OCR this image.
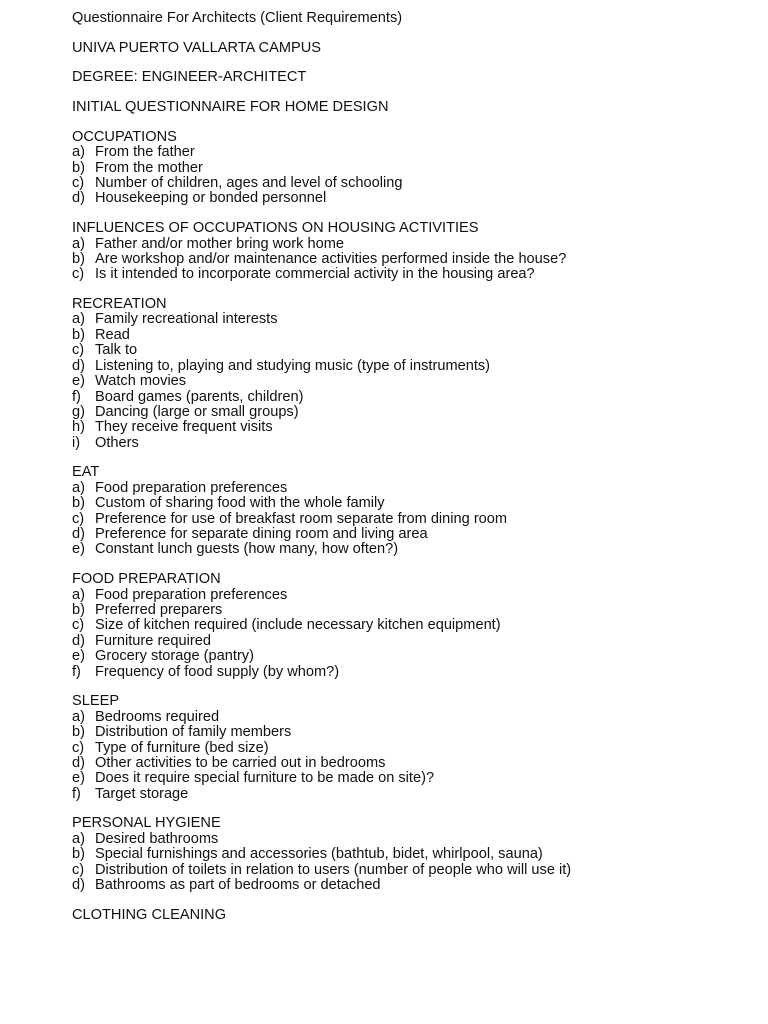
Questionnaire For Architects (Client Requirements)
UNIVA PUERTO VALLARTA CAMPUS
DEGREE: ENGINEER-ARCHITECT
INITIAL QUESTIONNAIRE FOR HOME DESIGN
OCCUPATIONS
a) From the father
b) From the mother
c) Number of children, ages and level of schooling
d) Housekeeping or bonded personnel
INFLUENCES OF OCCUPATIONS ON HOUSING ACTIVITIES
a) Father and/or mother bring work home
b) Are workshop and/or maintenance activities performed inside the house?
c) Is it intended to incorporate commercial activity in the housing area?
RECREATION
a) Family recreational interests
b) Read
c) Talk to
d) Listening to, playing and studying music (type of instruments)
e) Watch movies
f) Board games (parents, children)
g) Dancing (large or small groups)
h) They receive frequent visits
i) Others
EAT
a) Food preparation preferences
b) Custom of sharing food with the whole family
c) Preference for use of breakfast room separate from dining room
d) Preference for separate dining room and living area
e) Constant lunch guests (how many, how often?)
FOOD PREPARATION
a) Food preparation preferences
b) Preferred preparers
c) Size of kitchen required (include necessary kitchen equipment)
d) Furniture required
e) Grocery storage (pantry)
f) Frequency of food supply (by whom?)
SLEEP
a) Bedrooms required
b) Distribution of family members
c) Type of furniture (bed size)
d) Other activities to be carried out in bedrooms
e) Does it require special furniture to be made on site)?
f) Target storage
PERSONAL HYGIENE
a) Desired bathrooms
b) Special furnishings and accessories (bathtub, bidet, whirlpool, sauna)
c) Distribution of toilets in relation to users (number of people who will use it)
d) Bathrooms as part of bedrooms or detached
CLOTHING CLEANING
